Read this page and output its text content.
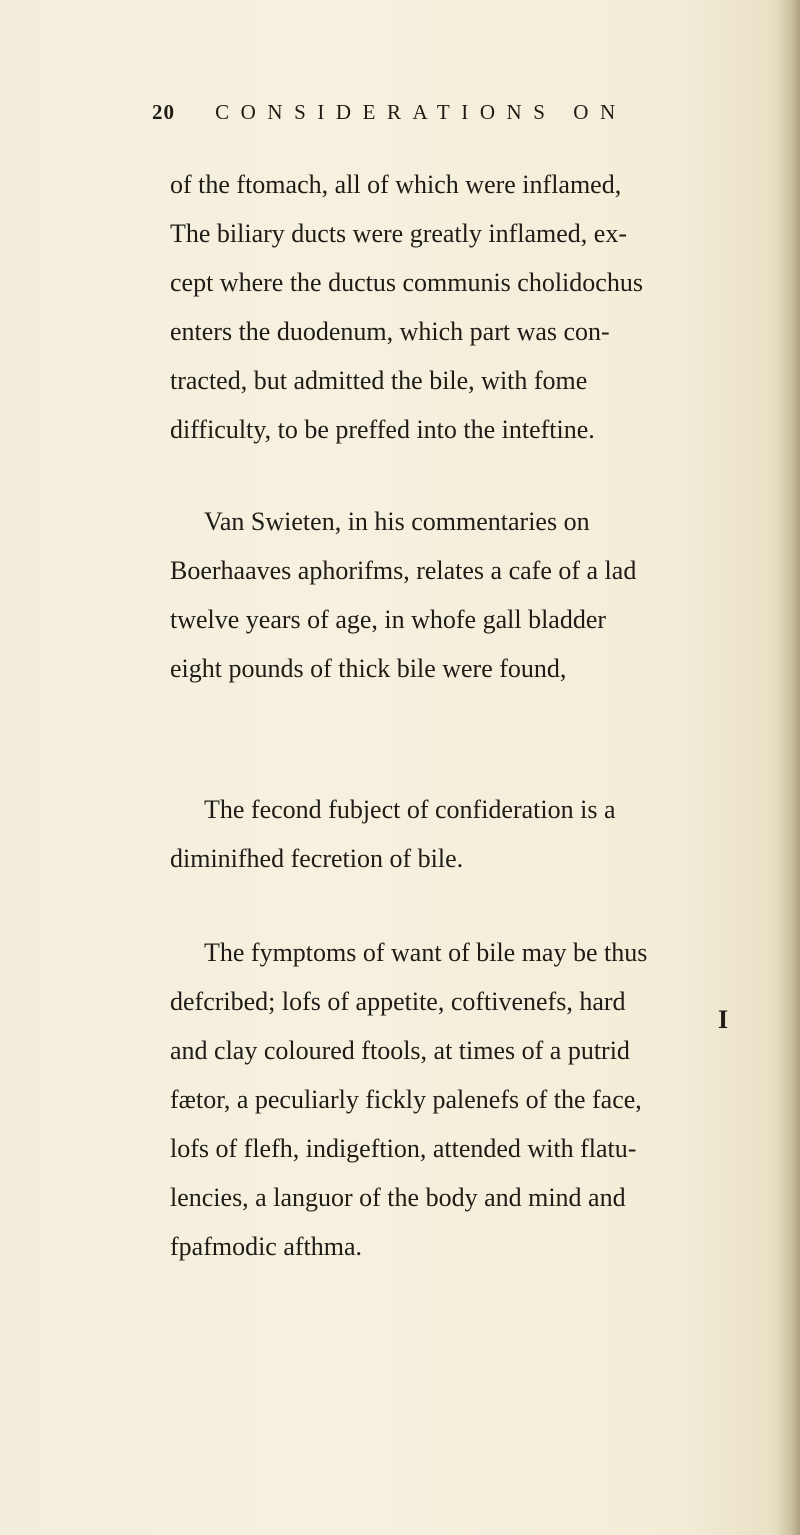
20 CONSIDERATIONS ON

of the ftomach, all of which were inflamed,
The biliary ducts were greatly inflamed, ex-
cept where the ductus communis cholidochus
enters the duodenum, which part was con-
tracted, but admitted the bile, with fome
difficulty, to be preffed into the inteftine.

Van Swieten, in his commentaries on
Boerhaaves aphorifms, relates a cafe of a lad
twelve years of age, in whofe gall bladder
eight pounds of thick bile were found,

The fecond fubject of confideration is a
diminifhed fecretion of bile.

The fymptoms of want of bile may be thus
defcribed; lofs of appetite, coftivenefs, hard
and clay coloured ftools, at times of a putrid
fætor, a peculiarly fickly palenefs of the face,
lofs of flefh, indigeftion, attended with flatu-
lencies, a languor of the body and mind and
fpafmodic afthma.

I
